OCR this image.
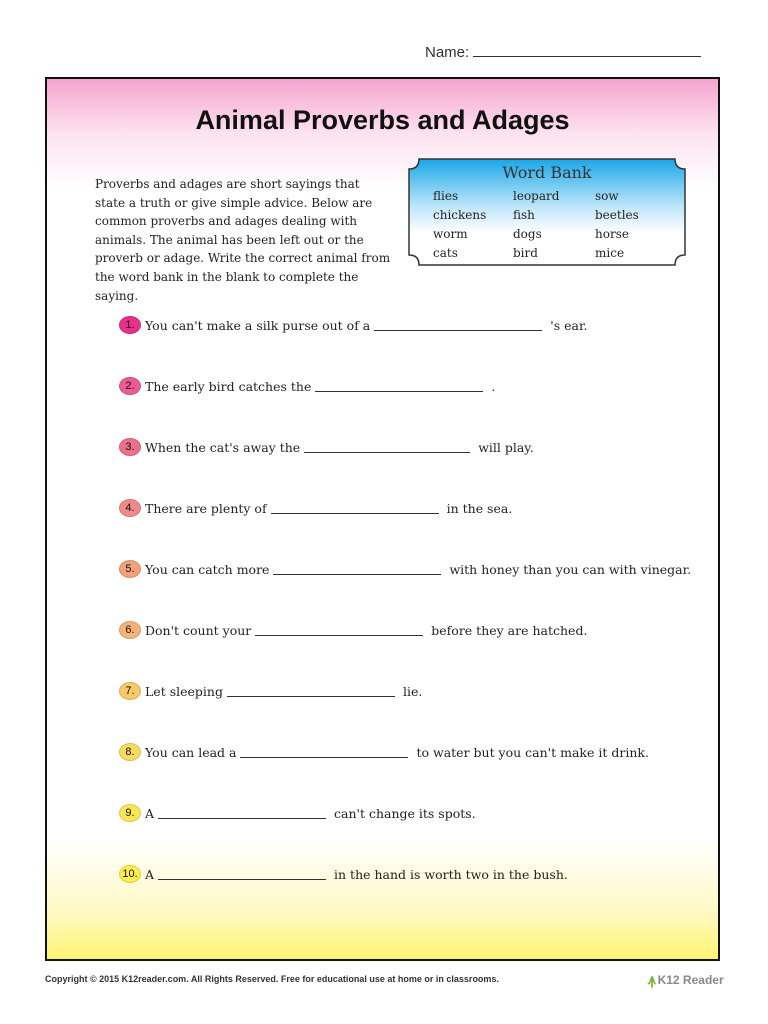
Name:
Animal Proverbs and Adages

Proverbs and adages are short sayings that state a truth or give simple advice. Below are common proverbs and adages dealing with animals. The animal has been left out or the proverb or adage. Write the correct animal from the word bank in the blank to complete the saying.

Word Bank
flies	leopard	sow
chickens	fish	beetles
worm	dogs	horse
cats	bird	mice
1. You can't make a silk purse out of a	's ear.
2. The early bird catches the	.
3. When the cat's away the	will play.
4. There are plenty of	in the sea.
5. You can catch more	with honey than you can with vinegar.
6. Don't count your	before they are hatched.
7. Let sleeping	lie.
8. You can lead a	to water but you can't make it drink.
9. A	can't change its spots.
10. A	in the hand is worth two in the bush.
Copyright © 2015 K12reader.com. All Rights Reserved. Free for educational use at home or in classrooms.	ꙟ K12 Reader
